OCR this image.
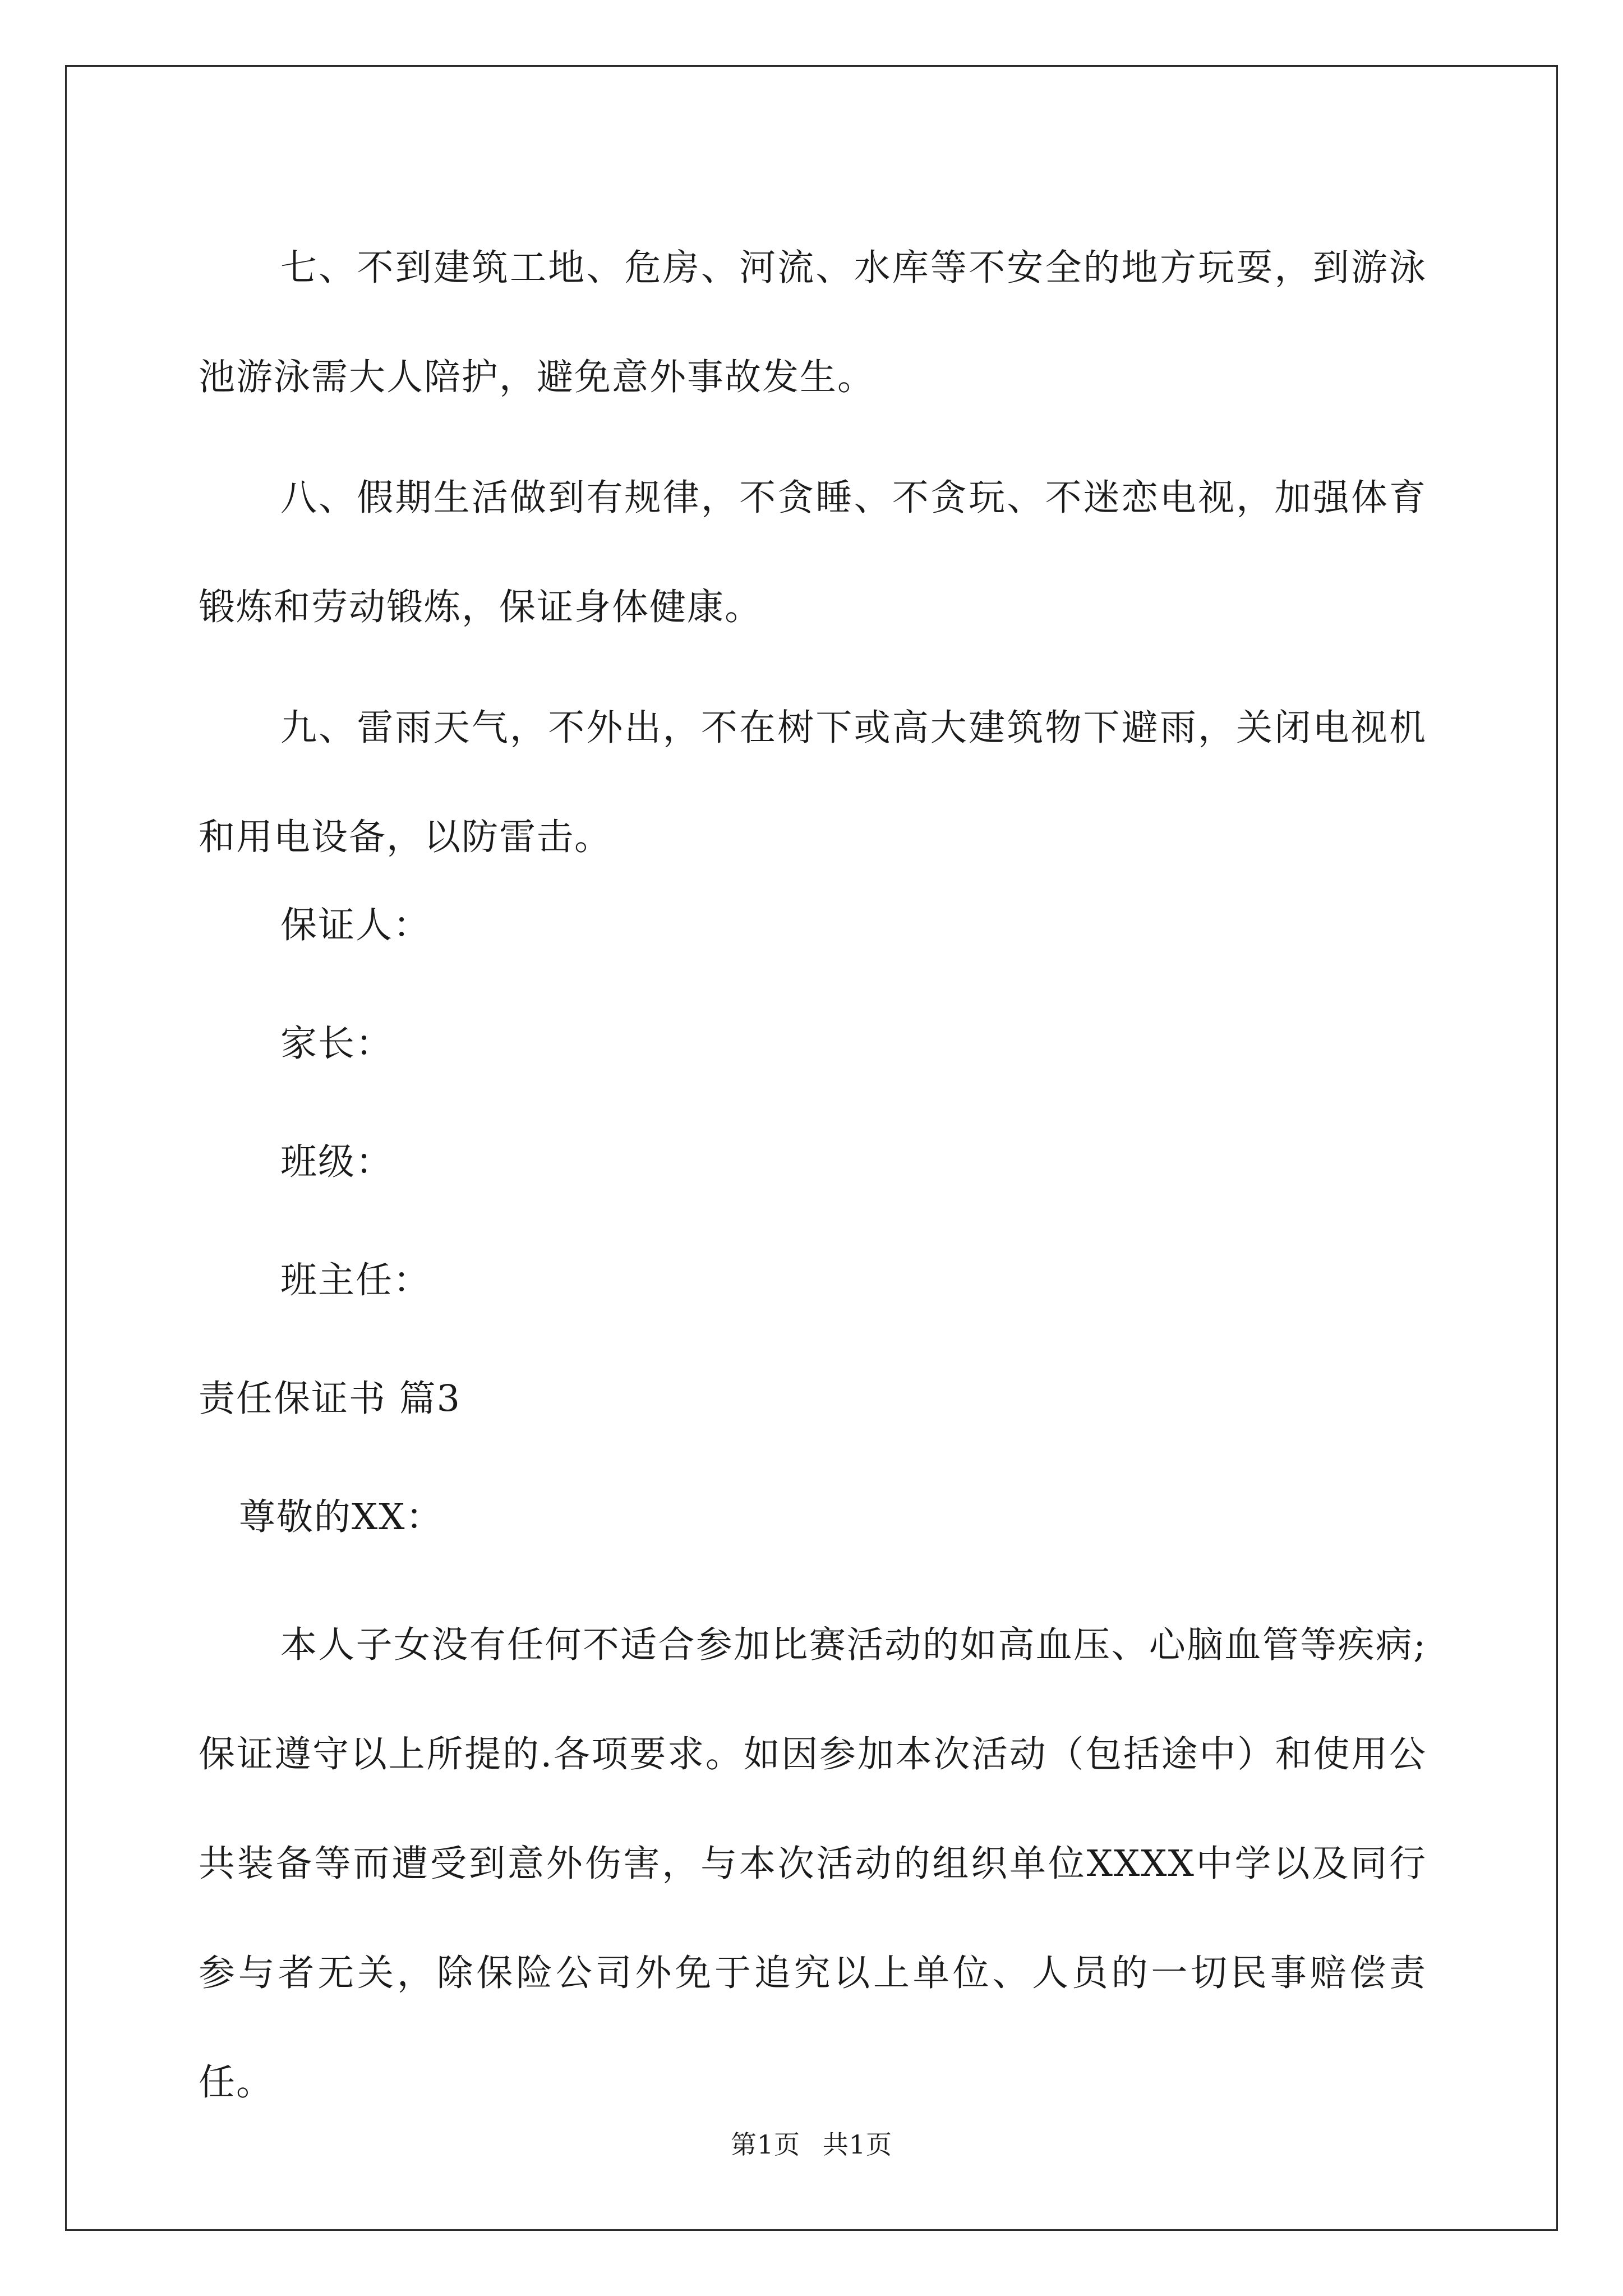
七、不到建筑工地、危房、河流、水库等不安全的地方玩耍，到游泳池游泳需大人陪护，避免意外事故发生。

八、假期生活做到有规律，不贪睡、不贪玩、不迷恋电视，加强体育锻炼和劳动锻炼，保证身体健康。

九、雷雨天气，不外出，不在树下或高大建筑物下避雨，关闭电视机和用电设备，以防雷击。

保证人：

家长：

班级：

班主任：

责任保证书 篇3

尊敬的XX：

本人子女没有任何不适合参加比赛活动的如高血压、心脑血管等疾病;保证遵守以上所提的.各项要求。如因参加本次活动（包括途中）和使用公共装备等而遭受到意外伤害，与本次活动的组织单位XXXX中学以及同行参与者无关，除保险公司外免于追究以上单位、人员的一切民事赔偿责任。

第1页 共1页
